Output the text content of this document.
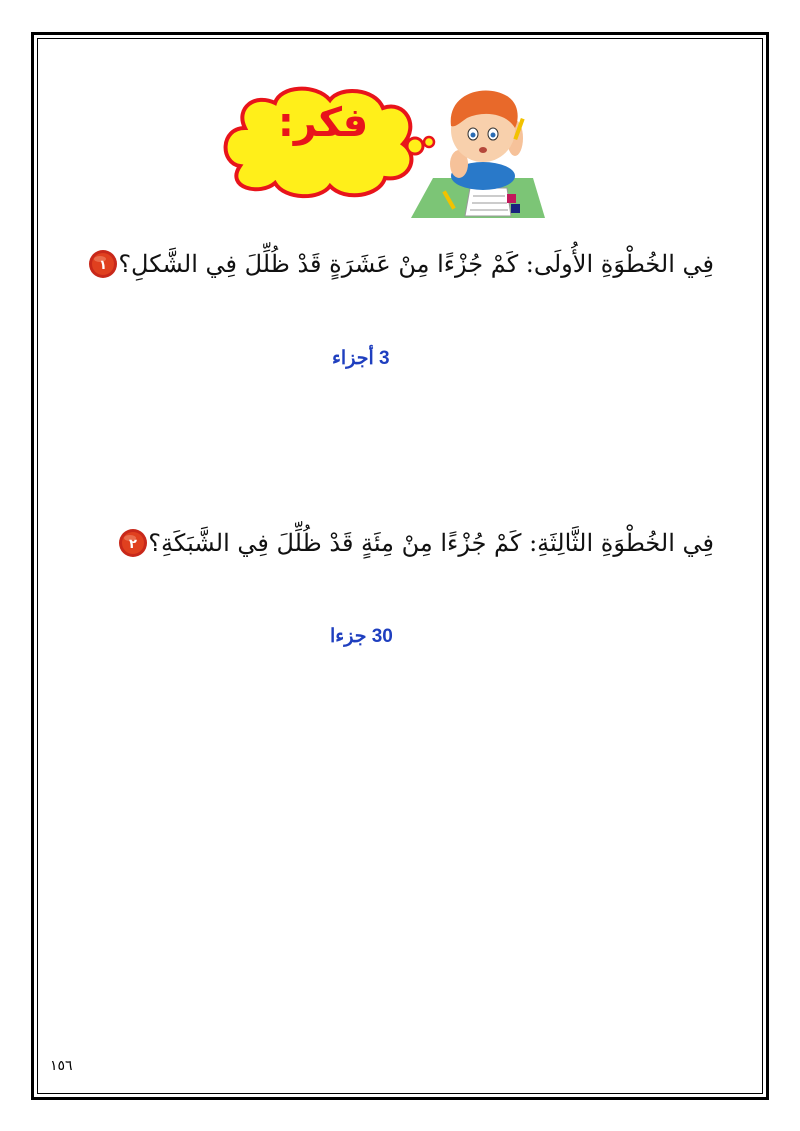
فكر:
١ فِي الخُطْوَةِ الأُولَى: كَمْ جُزْءًا مِنْ عَشَرَةٍ قَدْ ظُلِّلَ فِي الشَّكلِ؟
3 أجزاء
٢ فِي الخُطْوَةِ الثَّالِثَةِ: كَمْ جُزْءًا مِنْ مِئَةٍ قَدْ ظُلِّلَ فِي الشَّبَكَةِ؟
30 جزءا
١٥٦
